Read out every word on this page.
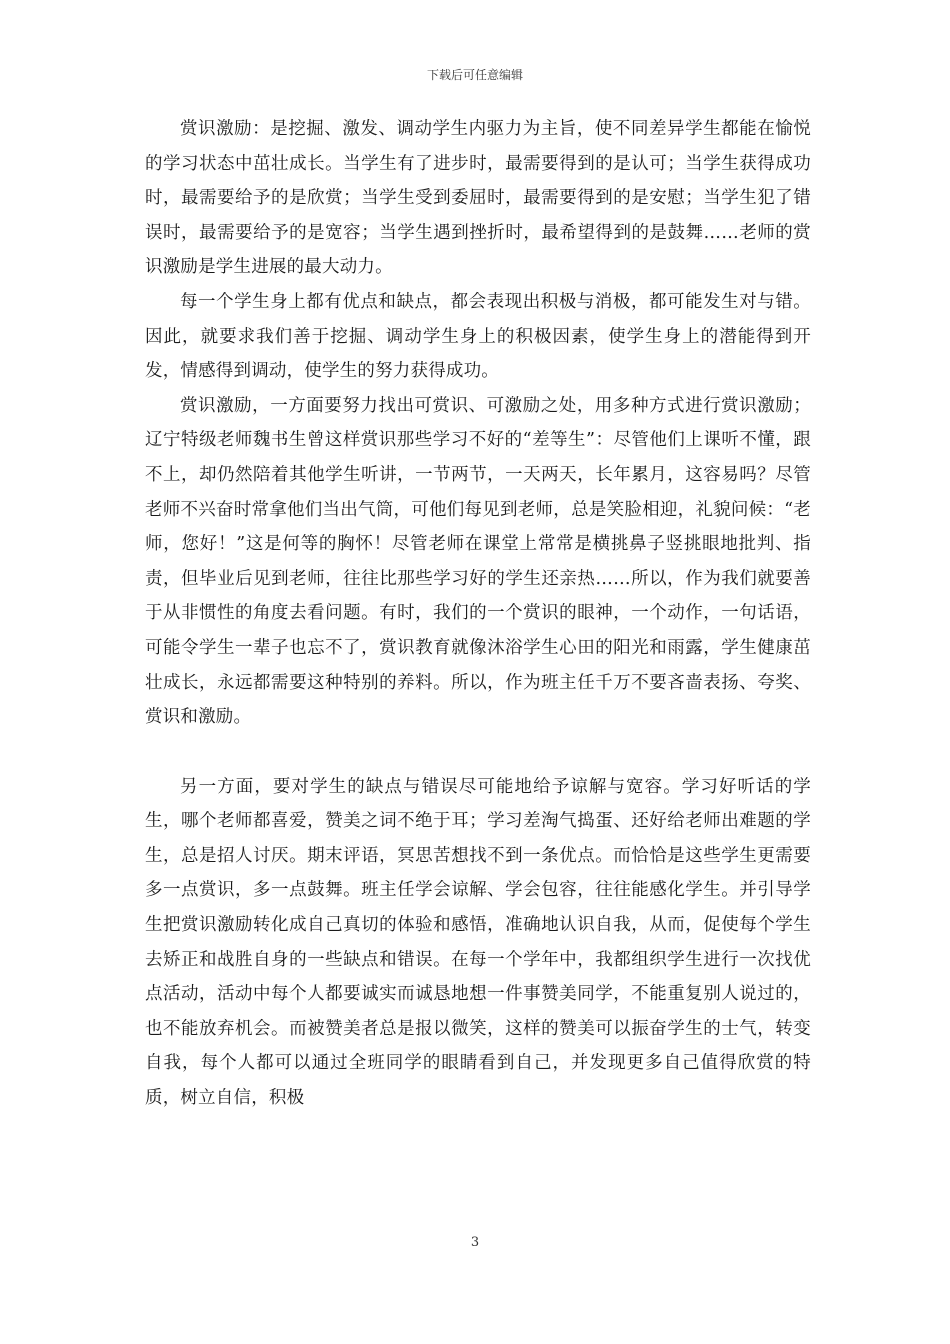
下载后可任意编辑

赏识激励：是挖掘、激发、调动学生内驱力为主旨，使不同差异学生都能在愉悦的学习状态中茁壮成长。当学生有了进步时，最需要得到的是认可；当学生获得成功时，最需要给予的是欣赏；当学生受到委屈时，最需要得到的是安慰；当学生犯了错误时，最需要给予的是宽容；当学生遇到挫折时，最希望得到的是鼓舞……老师的赏识激励是学生进展的最大动力。

每一个学生身上都有优点和缺点，都会表现出积极与消极，都可能发生对与错。因此，就要求我们善于挖掘、调动学生身上的积极因素，使学生身上的潜能得到开发，情感得到调动，使学生的努力获得成功。

赏识激励，一方面要努力找出可赏识、可激励之处，用多种方式进行赏识激励；辽宁特级老师魏书生曾这样赏识那些学习不好的“差等生”：尽管他们上课听不懂，跟不上，却仍然陪着其他学生听讲，一节两节，一天两天，长年累月，这容易吗？尽管老师不兴奋时常拿他们当出气筒，可他们每见到老师，总是笑脸相迎，礼貌问候：“老师，您好！”这是何等的胸怀！尽管老师在课堂上常常是横挑鼻子竖挑眼地批判、指责，但毕业后见到老师，往往比那些学习好的学生还亲热……所以，作为我们就要善于从非惯性的角度去看问题。有时，我们的一个赏识的眼神，一个动作，一句话语，可能令学生一辈子也忘不了，赏识教育就像沐浴学生心田的阳光和雨露，学生健康茁壮成长，永远都需要这种特别的养料。所以，作为班主任千万不要吝啬表扬、夸奖、赏识和激励。

另一方面，要对学生的缺点与错误尽可能地给予谅解与宽容。学习好听话的学生，哪个老师都喜爱，赞美之词不绝于耳；学习差淘气捣蛋、还好给老师出难题的学生，总是招人讨厌。期末评语，冥思苦想找不到一条优点。而恰恰是这些学生更需要多一点赏识，多一点鼓舞。班主任学会谅解、学会包容，往往能感化学生。并引导学生把赏识激励转化成自己真切的体验和感悟，准确地认识自我，从而，促使每个学生去矫正和战胜自身的一些缺点和错误。在每一个学年中，我都组织学生进行一次找优点活动，活动中每个人都要诚实而诚恳地想一件事赞美同学，不能重复别人说过的，也不能放弃机会。而被赞美者总是报以微笑，这样的赞美可以振奋学生的士气，转变自我，每个人都可以通过全班同学的眼睛看到自己，并发现更多自己值得欣赏的特质，树立自信，积极

3
